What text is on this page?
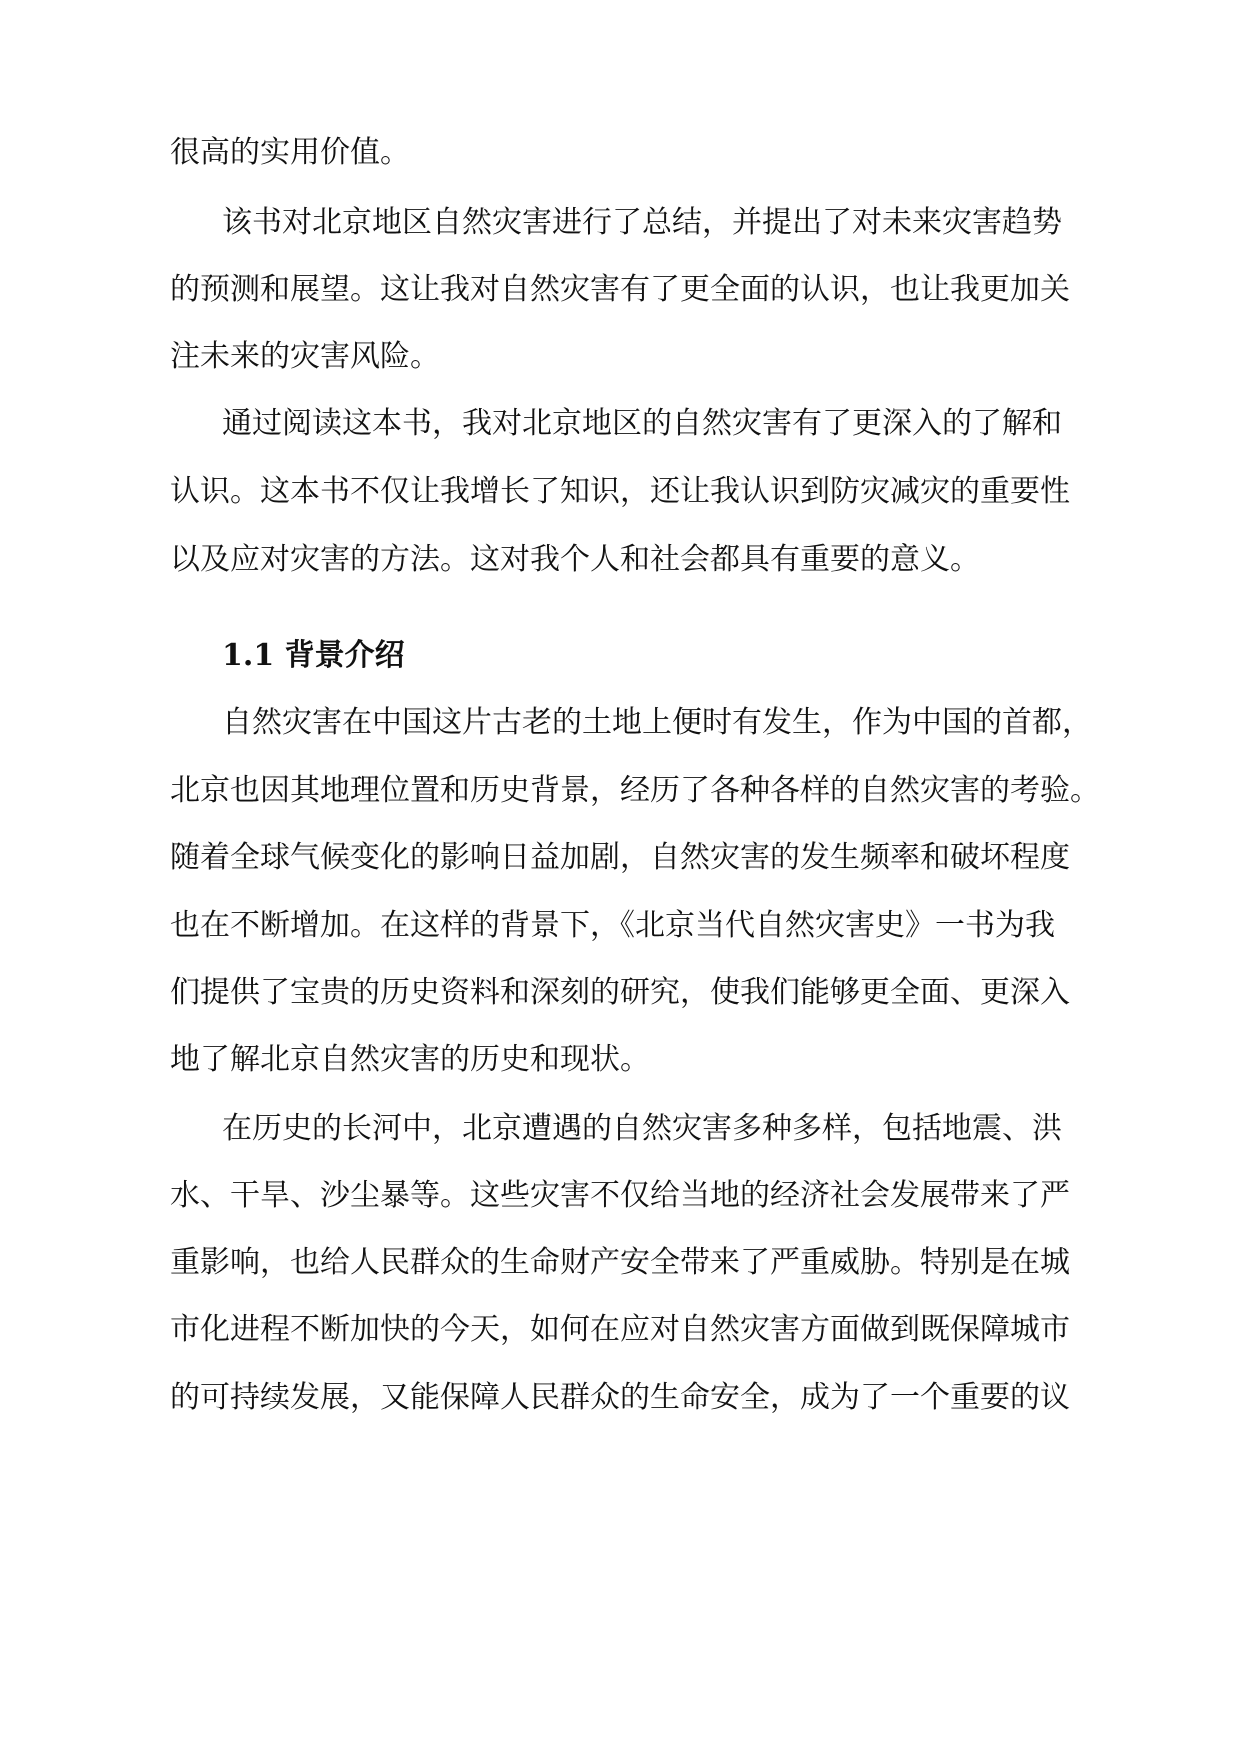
很高的实用价值。
该书对北京地区自然灾害进行了总结，并提出了对未来灾害趋势
的预测和展望。这让我对自然灾害有了更全面的认识，也让我更加关
注未来的灾害风险。
通过阅读这本书，我对北京地区的自然灾害有了更深入的了解和
认识。这本书不仅让我增长了知识，还让我认识到防灾减灾的重要性
以及应对灾害的方法。这对我个人和社会都具有重要的意义。
1.1 背景介绍
自然灾害在中国这片古老的土地上便时有发生，作为中国的首都，
北京也因其地理位置和历史背景，经历了各种各样的自然灾害的考验。
随着全球气候变化的影响日益加剧，自然灾害的发生频率和破坏程度
也在不断增加。在这样的背景下，《北京当代自然灾害史》一书为我
们提供了宝贵的历史资料和深刻的研究，使我们能够更全面、更深入
地了解北京自然灾害的历史和现状。
在历史的长河中，北京遭遇的自然灾害多种多样，包括地震、洪
水、干旱、沙尘暴等。这些灾害不仅给当地的经济社会发展带来了严
重影响，也给人民群众的生命财产安全带来了严重威胁。特别是在城
市化进程不断加快的今天，如何在应对自然灾害方面做到既保障城市
的可持续发展，又能保障人民群众的生命安全，成为了一个重要的议
